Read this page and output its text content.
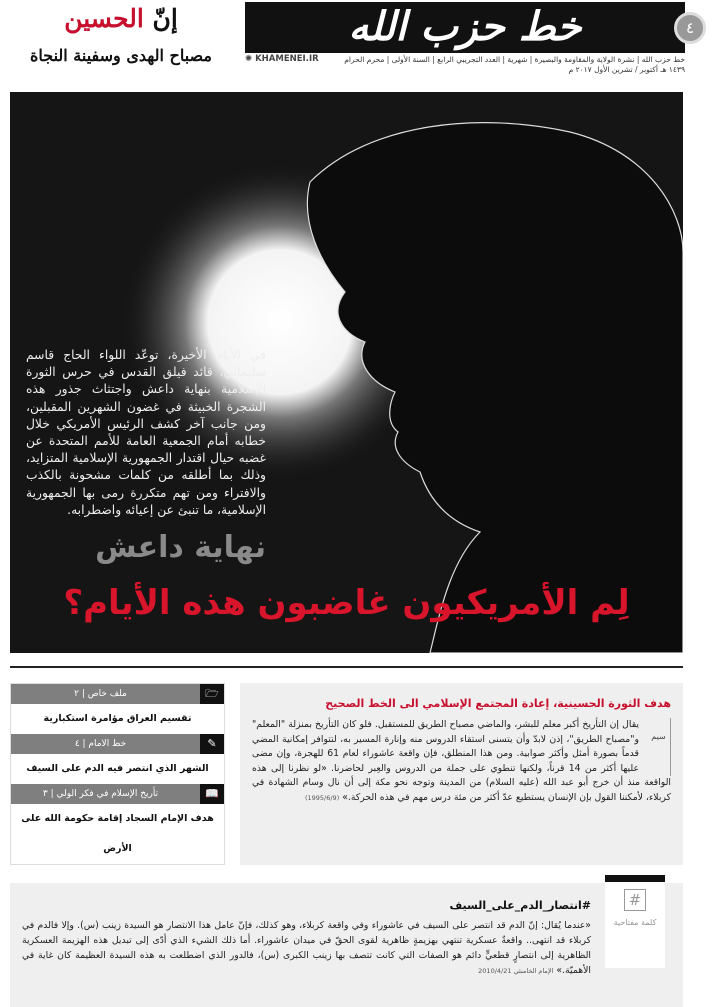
خط حزب الله	٤
إنّ الحسين
مصباح الهدى وسفينة النجاة	خط حزب الله | نشرة الولاية والمقاومة والبصيرة | شهرية | العدد التجريبي الرابع | السنة الأولى | محرم الحرام ١٤٣٩ هـ أكتوبر / تشرين الأول ٢٠١٧ م
✺ KHAMENEI.IR
في الأيام الأخيرة، توعّد اللواء الحاج قاسم سليماني، قائد فيلق القدس في حرس الثورة الإسلامية بنهاية داعش واجتثاث جذور هذه الشجرة الخبيثة في غضون الشهرين المقبلين، ومن جانب آخر كشف الرئيس الأمريكي خلال خطابه أمام الجمعية العامة للأمم المتحدة عن غضبه حيال اقتدار الجمهورية الإسلامية المتزايد، وذلك بما أطلقه من كلمات مشحونة بالكذب والافتراء ومن تهم متكررة رمى بها الجمهورية الإسلامية، ما تنبئ عن إعيائه واضطرابه.
نهاية داعش
لِم الأمريكيون غاضبون هذه الأيام؟
هدف الثورة الحسينية، إعادة المجتمع الإسلامي الى الخط الصحيح
سيم
يقال إن التأريخ أكبر معلم للبشر، والماضي مصباح الطريق للمستقبل. فلو كان التأريخ بمنزلة "المعلم" و"مصباح الطريق"، إذن لابدّ وأن يتسنى استقاء الدروس منه وإنارة المسير به، لتتوافر إمكانية المضي قدماً بصورة أمثل وأكثر صوابية. ومن هذا المنطلق، فإن واقعة عاشوراء لعام 61 للهجرة، وإن مضى عليها أكثر من 14 قرناً، ولكنها تنطوي على جملة من الدروس والعِبر لحاضرنا. «لو نظرنا إلى هذه الواقعة منذ أن خرج أبو عبد الله (عليه السلام) من المدينة وتوجه نحو مكة إلى أن نال وسام الشهادة في كربلاء، لأمكننا القول بإن الإنسان يستطيع عدّ أكثر من مئة درس مهم في هذه الحركة.» (1995/6/9)
🗁
ملف خاص | ٢
تقسيم العراق مؤامرة استكبارية
✎
خط الامام | ٤
الشهر الذي انتصر فيه الدم على السيف
📖
تأريخ الإسلام في فكر الولي | ٣
هدف الإمام السجاد إقامة حكومة الله على الأرض
#انتصار_الدم_على_السيف
«عندما يُقال: إنّ الدم قد انتصر على السيف في عاشوراء وفي واقعة كربلاء، وهو كذلك، فإنّ عامل هذا الانتصار هو السيدة زينب (س). وإلا فالدم في كربلاء قد انتهى.. واقعةٌ عسكرية تنتهي بهزيمةٍ ظاهرية لقوى الحقّ في ميدان عاشوراء. أما ذلك الشيء الذي أدّى إلى تبديل هذه الهزيمة العسكرية الظاهرية إلى انتصارٍ قطعيٍّ دائم هو الصفات التي كانت تتصف بها زينب الكبرى (س)، فالدور الذي اضطلعت به هذه السيدة العظيمة كان غاية في الأهميّة.» الإمام الخامنئي 2010/4/21
#
كلمة مفتاحية
